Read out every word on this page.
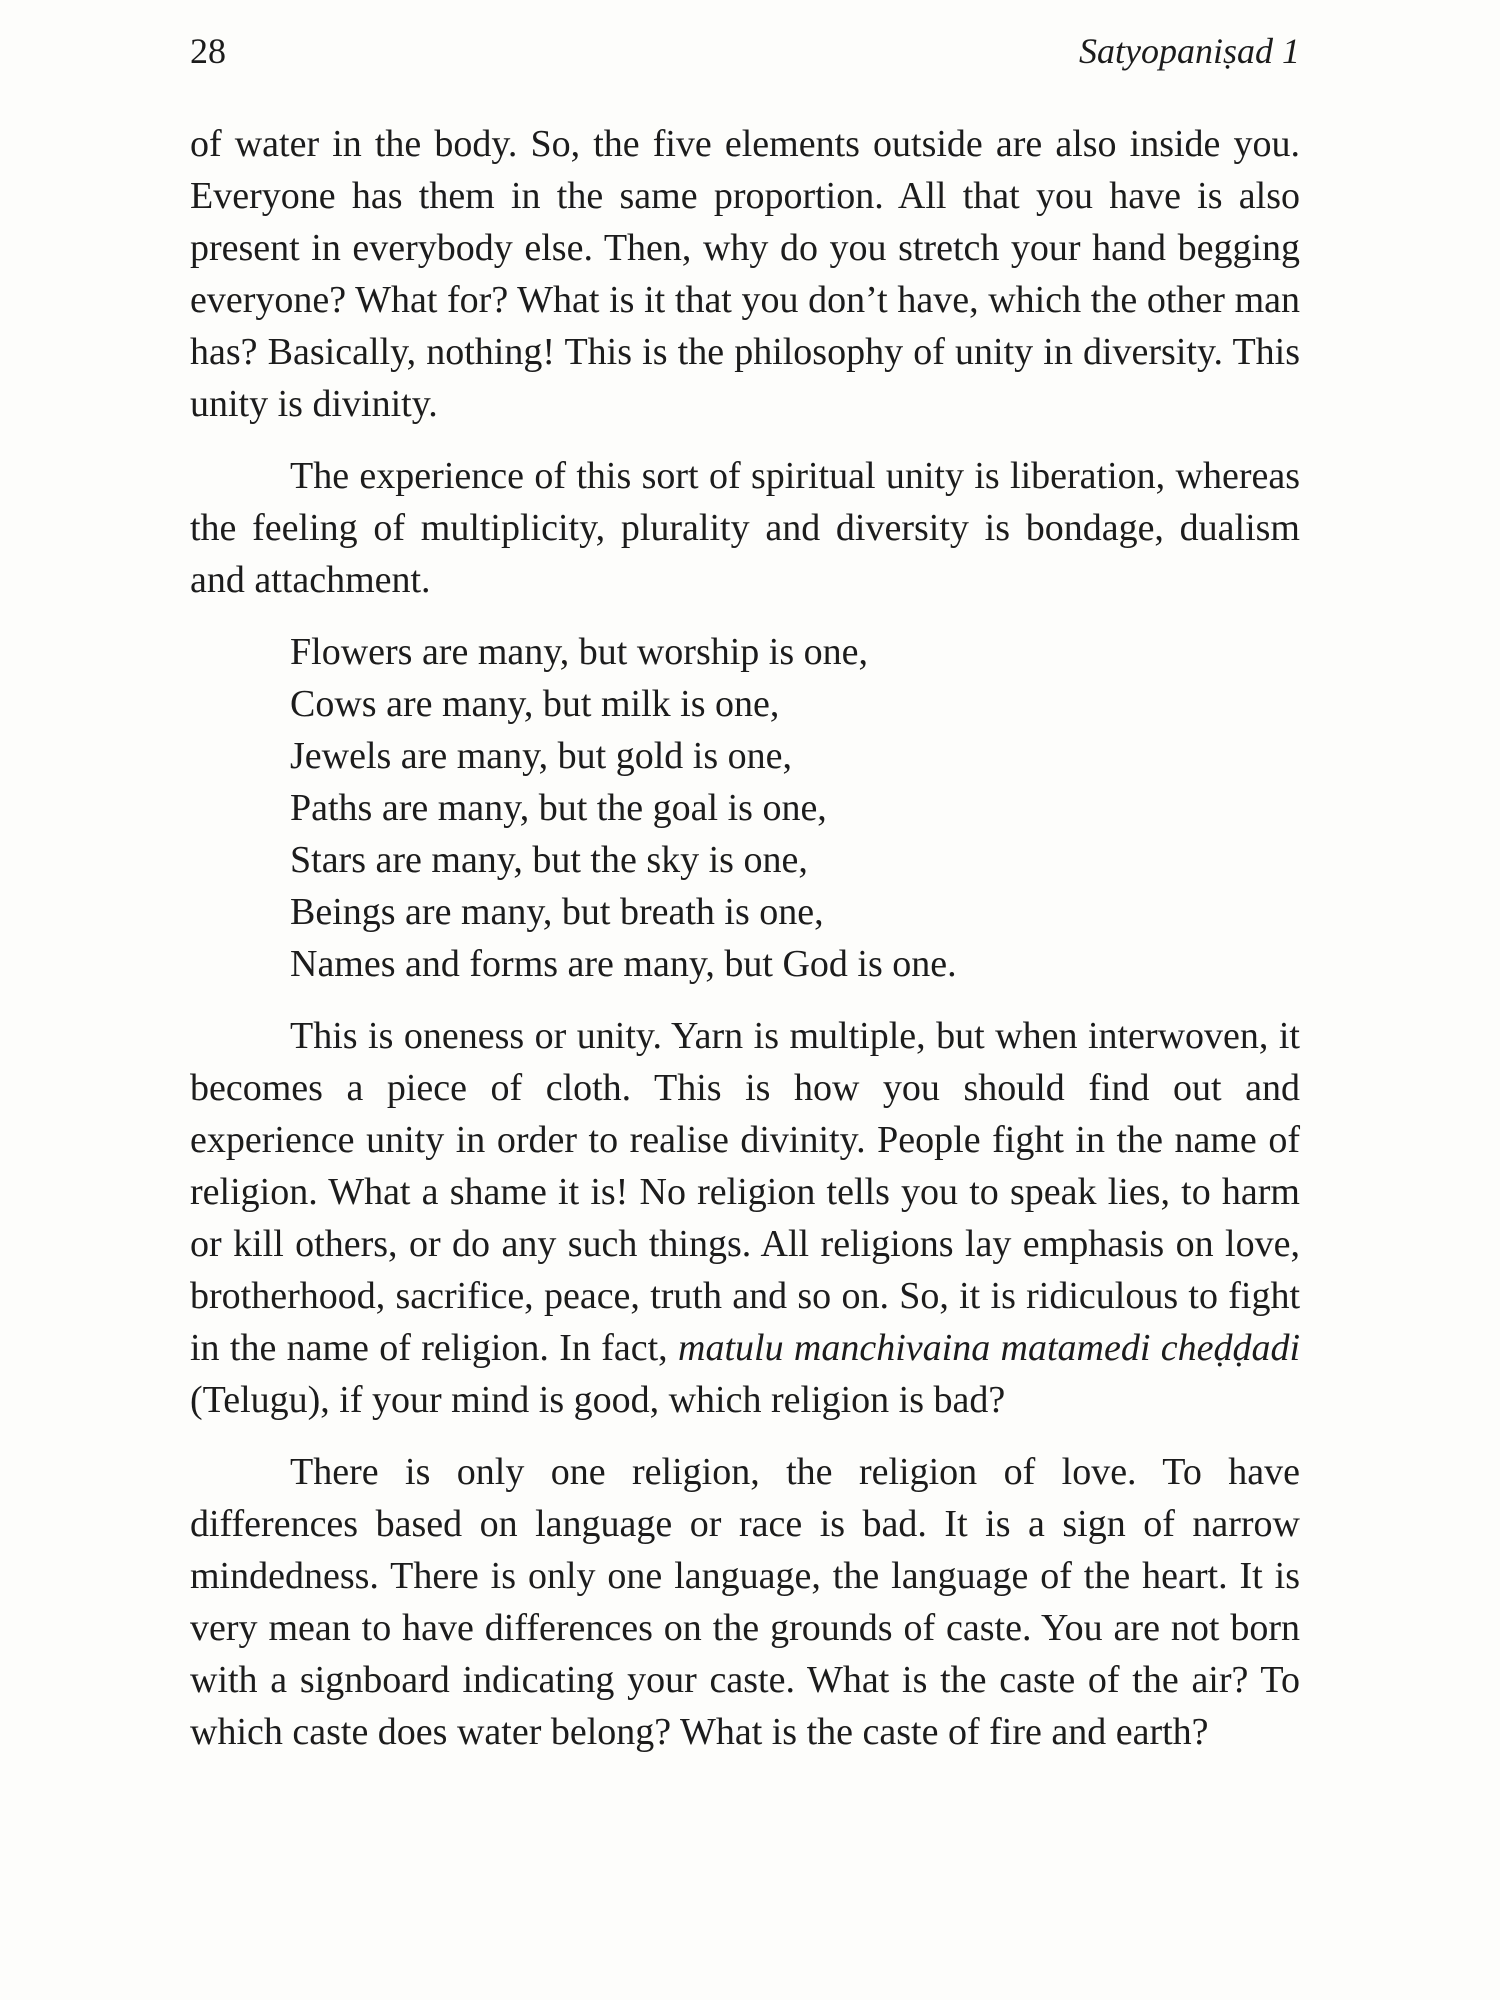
28	Satyopaniṣad 1

of water in the body. So, the five elements outside are also inside you. Everyone has them in the same proportion. All that you have is also present in everybody else. Then, why do you stretch your hand begging everyone? What for? What is it that you don’t have, which the other man has? Basically, nothing! This is the philosophy of unity in diversity. This unity is divinity.

The experience of this sort of spiritual unity is liberation, whereas the feeling of multiplicity, plurality and diversity is bondage, dualism and attachment.

Flowers are many, but worship is one,
Cows are many, but milk is one,
Jewels are many, but gold is one,
Paths are many, but the goal is one,
Stars are many, but the sky is one,
Beings are many, but breath is one,
Names and forms are many, but God is one.

This is oneness or unity. Yarn is multiple, but when interwoven, it becomes a piece of cloth. This is how you should find out and experience unity in order to realise divinity. People fight in the name of religion. What a shame it is! No religion tells you to speak lies, to harm or kill others, or do any such things. All religions lay emphasis on love, brotherhood, sacrifice, peace, truth and so on. So, it is ridiculous to fight in the name of religion. In fact, matulu manchivaina matamedi cheḍḍadi (Telugu), if your mind is good, which religion is bad?

There is only one religion, the religion of love. To have differences based on language or race is bad. It is a sign of narrow mindedness. There is only one language, the language of the heart. It is very mean to have differences on the grounds of caste. You are not born with a signboard indicating your caste. What is the caste of the air? To which caste does water belong? What is the caste of fire and earth?
